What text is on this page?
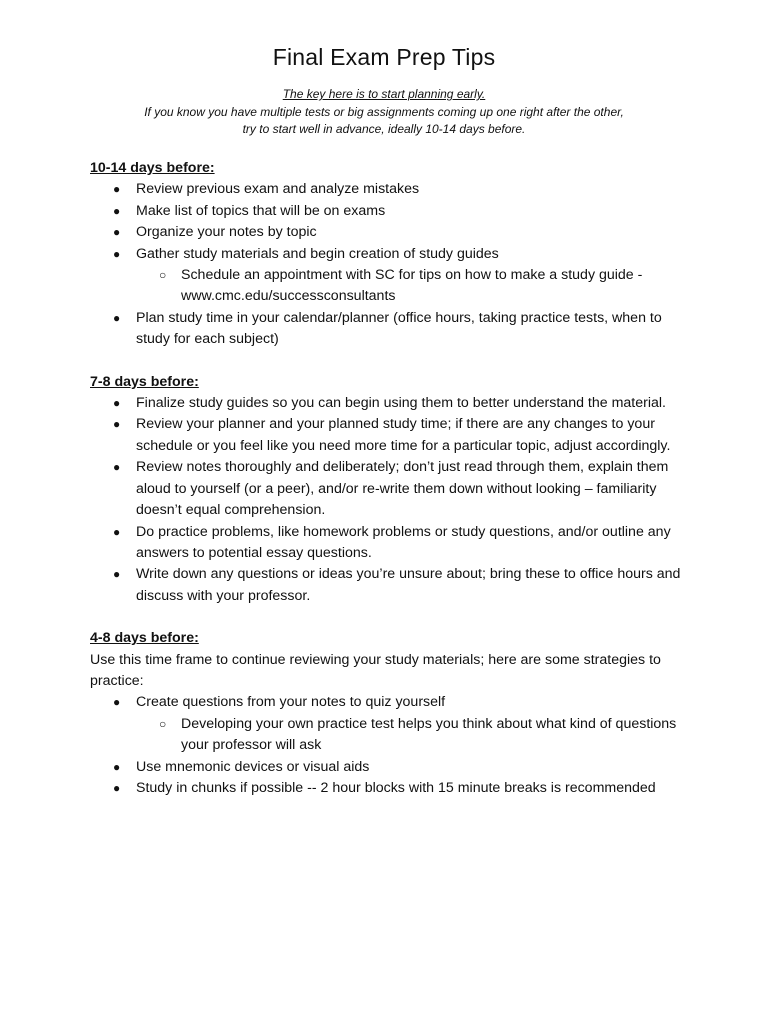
Final Exam Prep Tips
The key here is to start planning early.
If you know you have multiple tests or big assignments coming up one right after the other,
try to start well in advance, ideally 10-14 days before.
10-14 days before:
● Review previous exam and analyze mistakes
● Make list of topics that will be on exams
● Organize your notes by topic
● Gather study materials and begin creation of study guides
○ Schedule an appointment with SC for tips on how to make a study guide - www.cmc.edu/successconsultants
● Plan study time in your calendar/planner (office hours, taking practice tests, when to study for each subject)
7-8 days before:
● Finalize study guides so you can begin using them to better understand the material.
● Review your planner and your planned study time; if there are any changes to your schedule or you feel like you need more time for a particular topic, adjust accordingly.
● Review notes thoroughly and deliberately; don’t just read through them, explain them aloud to yourself (or a peer), and/or re-write them down without looking – familiarity doesn’t equal comprehension.
● Do practice problems, like homework problems or study questions, and/or outline any answers to potential essay questions.
● Write down any questions or ideas you’re unsure about; bring these to office hours and discuss with your professor.
4-8 days before:
Use this time frame to continue reviewing your study materials; here are some strategies to practice:
● Create questions from your notes to quiz yourself
○ Developing your own practice test helps you think about what kind of questions your professor will ask
● Use mnemonic devices or visual aids
● Study in chunks if possible -- 2 hour blocks with 15 minute breaks is recommended
